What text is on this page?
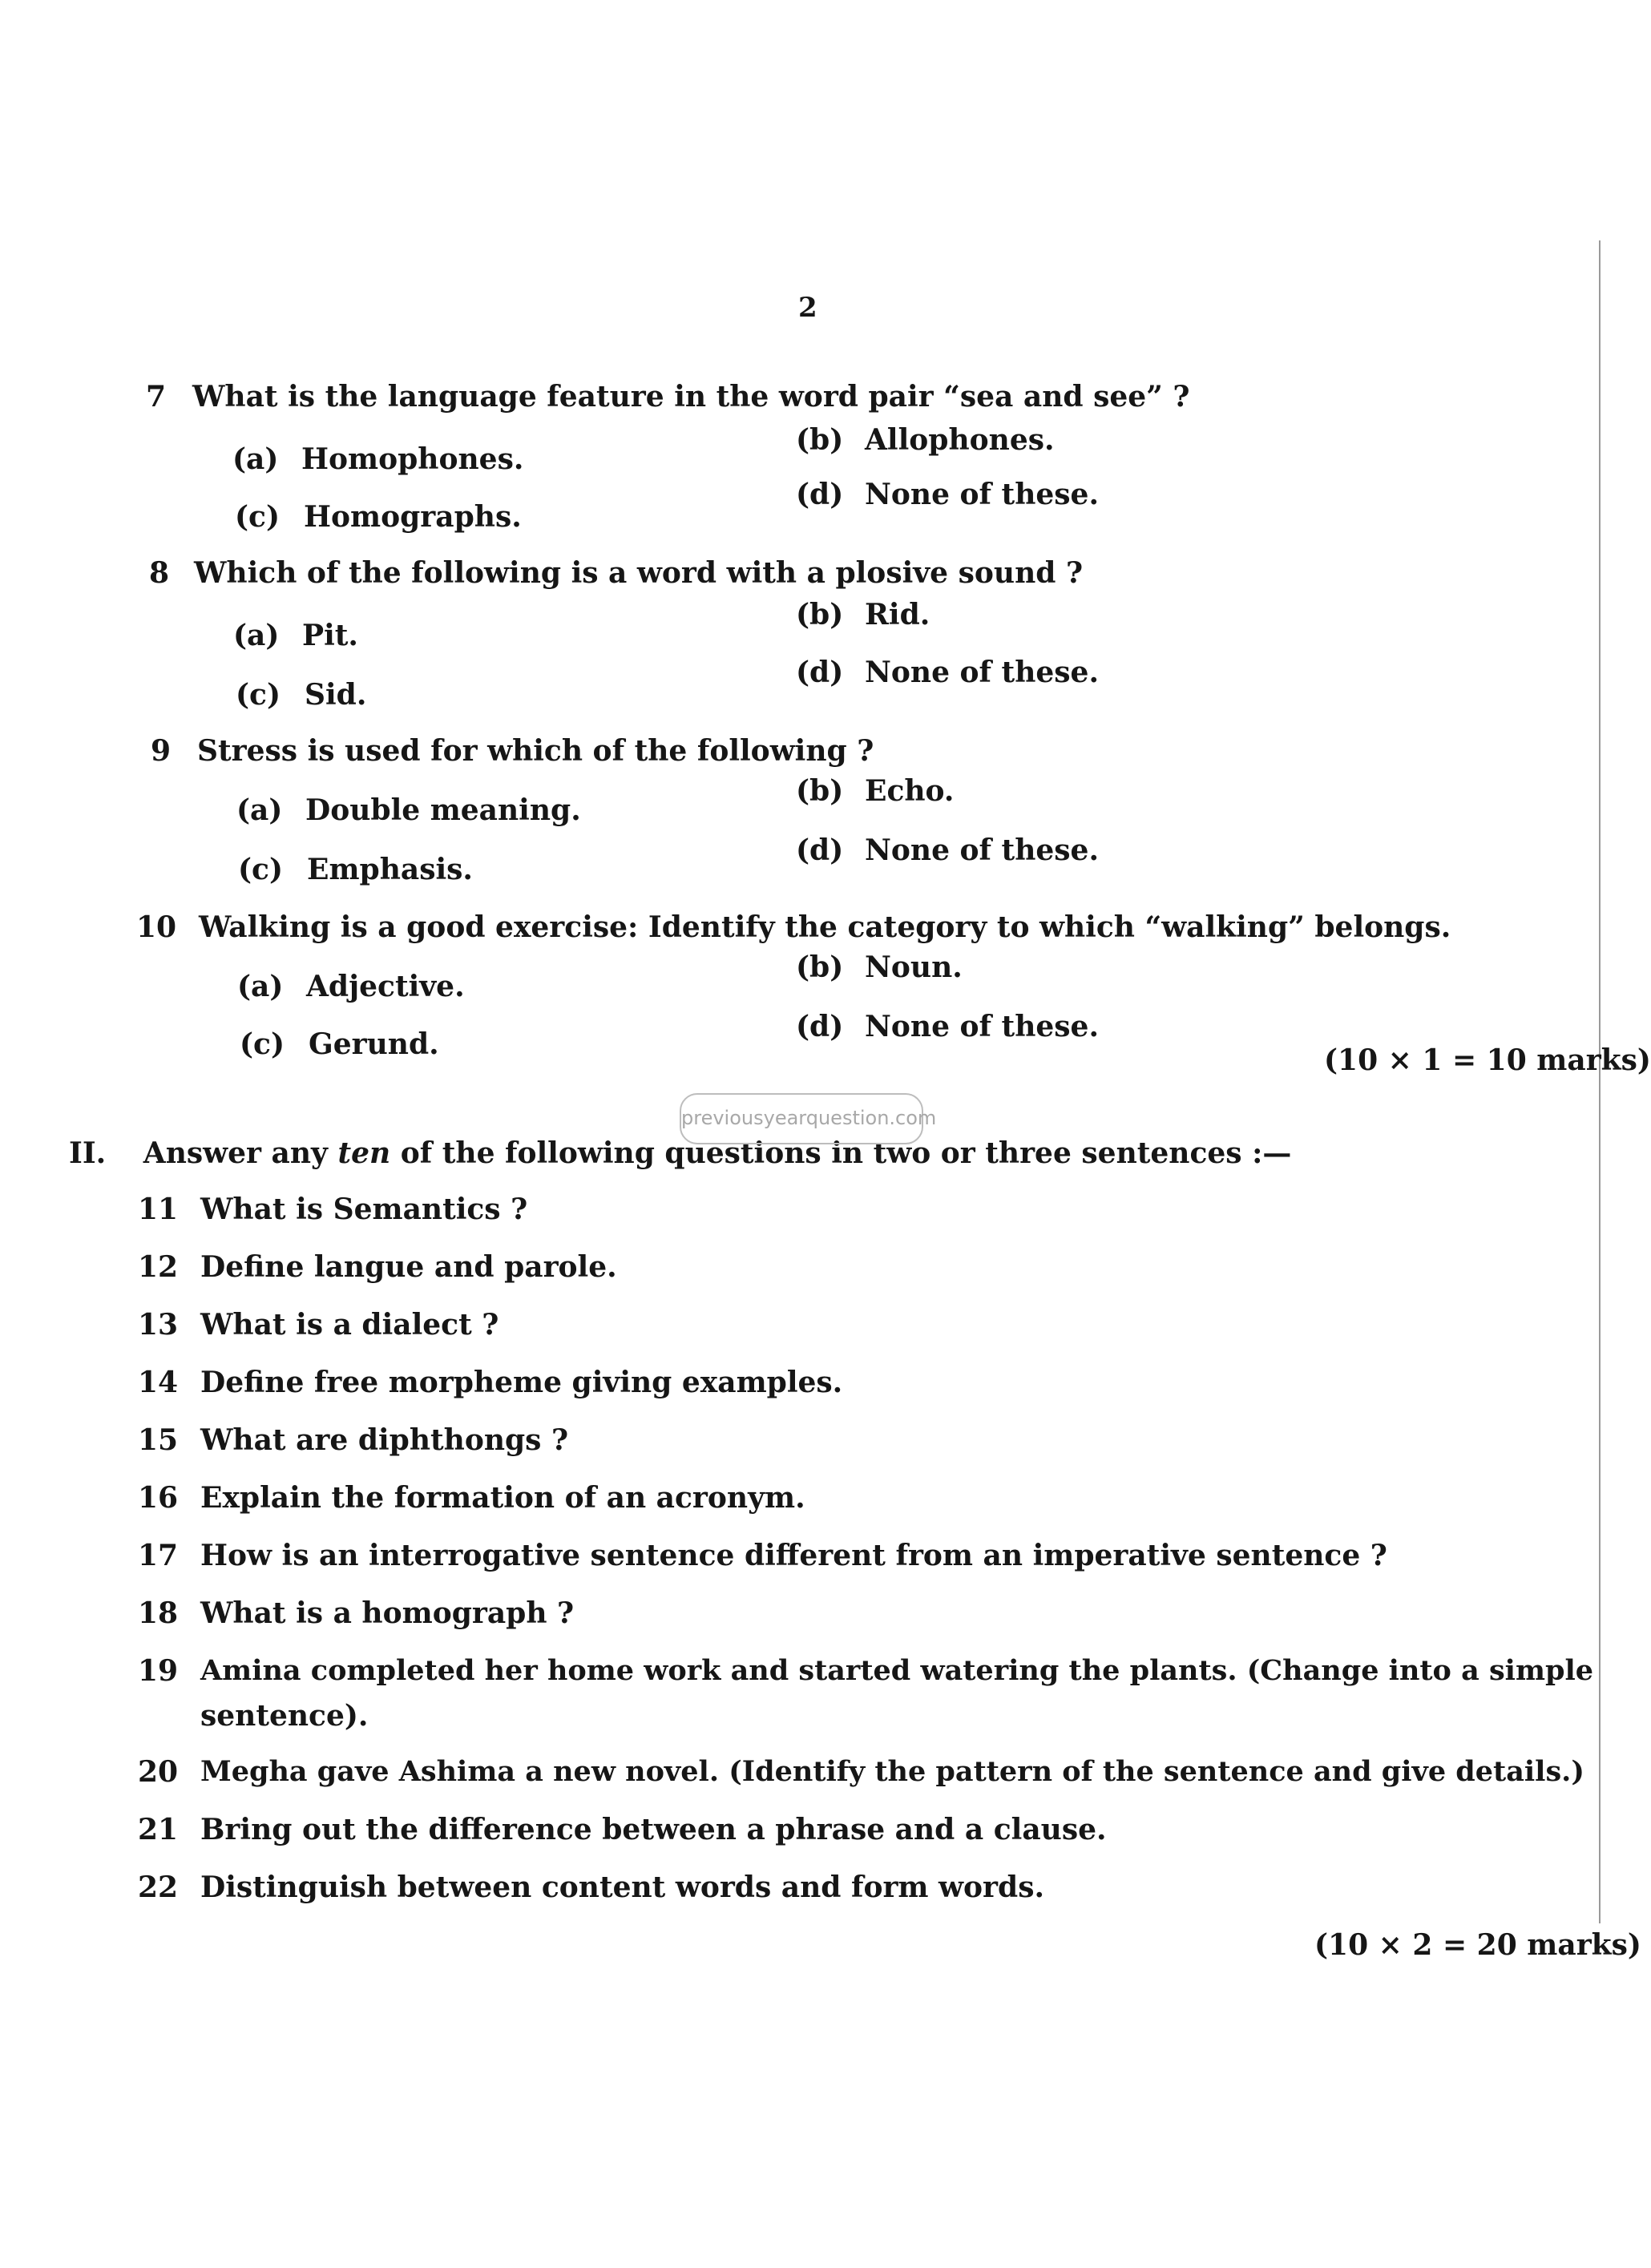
2
7 What is the language feature in the word pair “sea and see” ?
(a) Homophones.
(b) Allophones.
(c) Homographs.
(d) None of these.
8 Which of the following is a word with a plosive sound ?
(a) Pit.
(b) Rid.
(c) Sid.
(d) None of these.
9 Stress is used for which of the following ?
(a) Double meaning.
(b) Echo.
(c) Emphasis.
(d) None of these.
10 Walking is a good exercise: Identify the category to which “walking” belongs.
(a) Adjective.
(b) Noun.
(c) Gerund.
(d) None of these.
(10 × 1 = 10 marks)
II. Answer any ten of the following questions in two or three sentences :—
previousyearquestion.com
11 What is Semantics ?
12 Define langue and parole.
13 What is a dialect ?
14 Define free morpheme giving examples.
15 What are diphthongs ?
16 Explain the formation of an acronym.
17 How is an interrogative sentence different from an imperative sentence ?
18 What is a homograph ?
19 Amina completed her home work and started watering the plants. (Change into a simple
sentence).
20 Megha gave Ashima a new novel. (Identify the pattern of the sentence and give details.)
21 Bring out the difference between a phrase and a clause.
22 Distinguish between content words and form words.
(10 × 2 = 20 marks)
